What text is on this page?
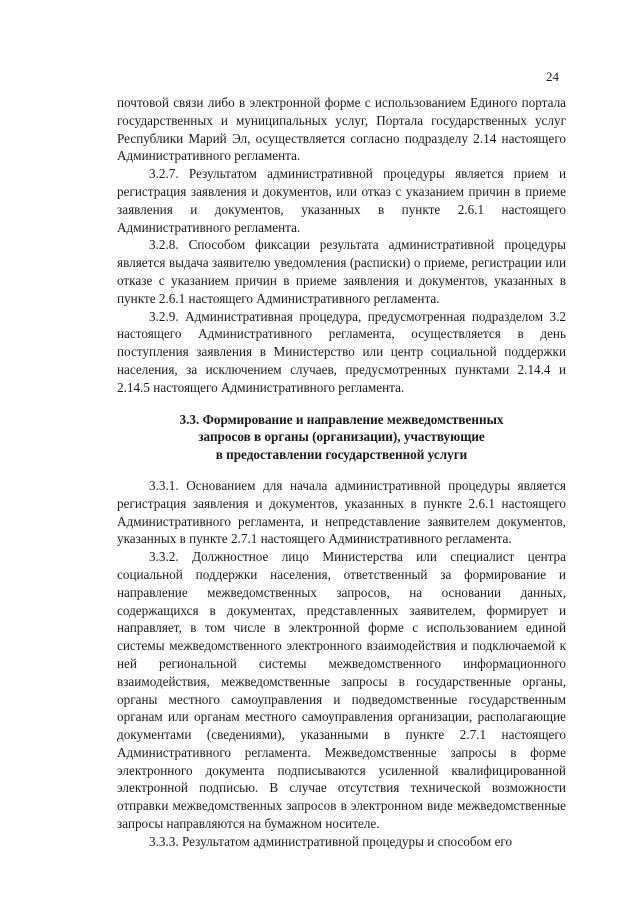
24

почтовой связи либо в электронной форме с использованием Единого портала государственных и муниципальных услуг, Портала государственных услуг Республики Марий Эл, осуществляется согласно подразделу 2.14 настоящего Административного регламента.

3.2.7. Результатом административной процедуры является прием и регистрация заявления и документов, или отказ с указанием причин в приеме заявления и документов, указанных в пункте 2.6.1 настоящего Административного регламента.

3.2.8. Способом фиксации результата административной процедуры является выдача заявителю уведомления (расписки) о приеме, регистрации или отказе с указанием причин в приеме заявления и документов, указанных в пункте 2.6.1 настоящего Административного регламента.

3.2.9. Административная процедура, предусмотренная подразделом 3.2 настоящего Административного регламента, осуществляется в день поступления заявления в Министерство или центр социальной поддержки населения, за исключением случаев, предусмотренных пунктами 2.14.4 и 2.14.5 настоящего Административного регламента.

3.3. Формирование и направление межведомственных
запросов в органы (организации), участвующие
в предоставлении государственной услуги

3.3.1. Основанием для начала административной процедуры является регистрация заявления и документов, указанных в пункте 2.6.1 настоящего Административного регламента, и непредставление заявителем документов, указанных в пункте 2.7.1 настоящего Административного регламента.

3.3.2. Должностное лицо Министерства или специалист центра социальной поддержки населения, ответственный за формирование и направление межведомственных запросов, на основании данных, содержащихся в документах, представленных заявителем, формирует и направляет, в том числе в электронной форме с использованием единой системы межведомственного электронного взаимодействия и подключаемой к ней региональной системы межведомственного информационного взаимодействия, межведомственные запросы в государственные органы, органы местного самоуправления и подведомственные государственным органам или органам местного самоуправления организации, располагающие документами (сведениями), указанными в пункте 2.7.1 настоящего Административного регламента. Межведомственные запросы в форме электронного документа подписываются усиленной квалифицированной электронной подписью. В случае отсутствия технической возможности отправки межведомственных запросов в электронном виде межведомственные запросы направляются на бумажном носителе.

3.3.3. Результатом административной процедуры и способом его
